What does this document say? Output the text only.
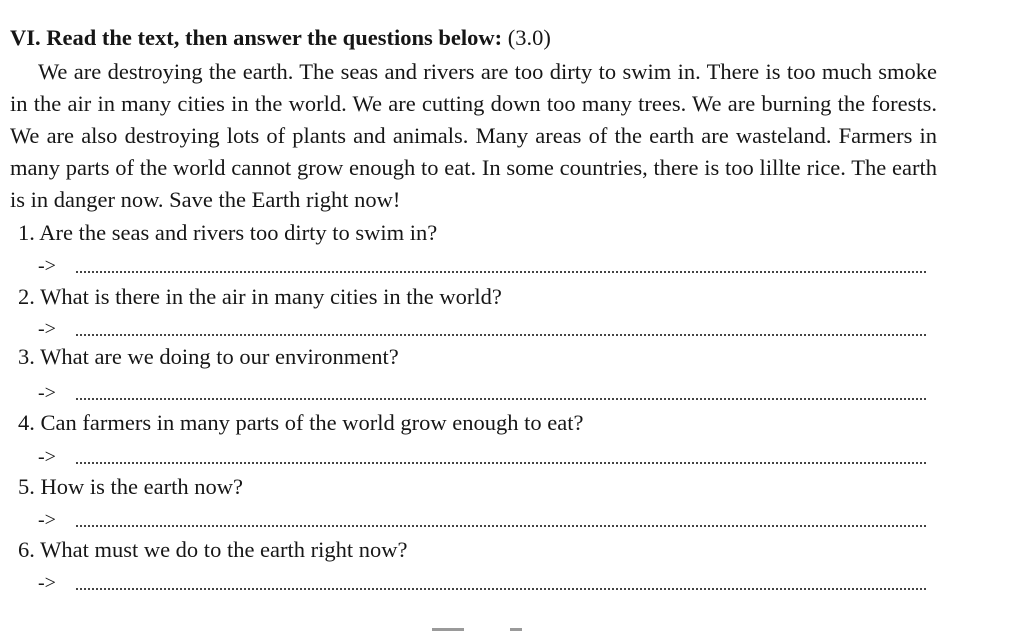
VI. Read the text, then answer the questions below: (3.0)

We are destroying the earth. The seas and rivers are too dirty to swim in. There is too much smoke in the air in many cities in the world. We are cutting down too many trees. We are burning the forests. We are also destroying lots of plants and animals. Many areas of the earth are wasteland. Farmers in many parts of the world cannot grow enough to eat. In some countries, there is too lillte rice. The earth is in danger now. Save the Earth right now!

1. Are the seas and rivers too dirty to swim in?
->
2. What is there in the air in many cities in the world?
->
3. What are we doing to our environment?
->
4. Can farmers in many parts of the world grow enough to eat?
->
5. How is the earth now?
->
6. What must we do to the earth right now?
->
